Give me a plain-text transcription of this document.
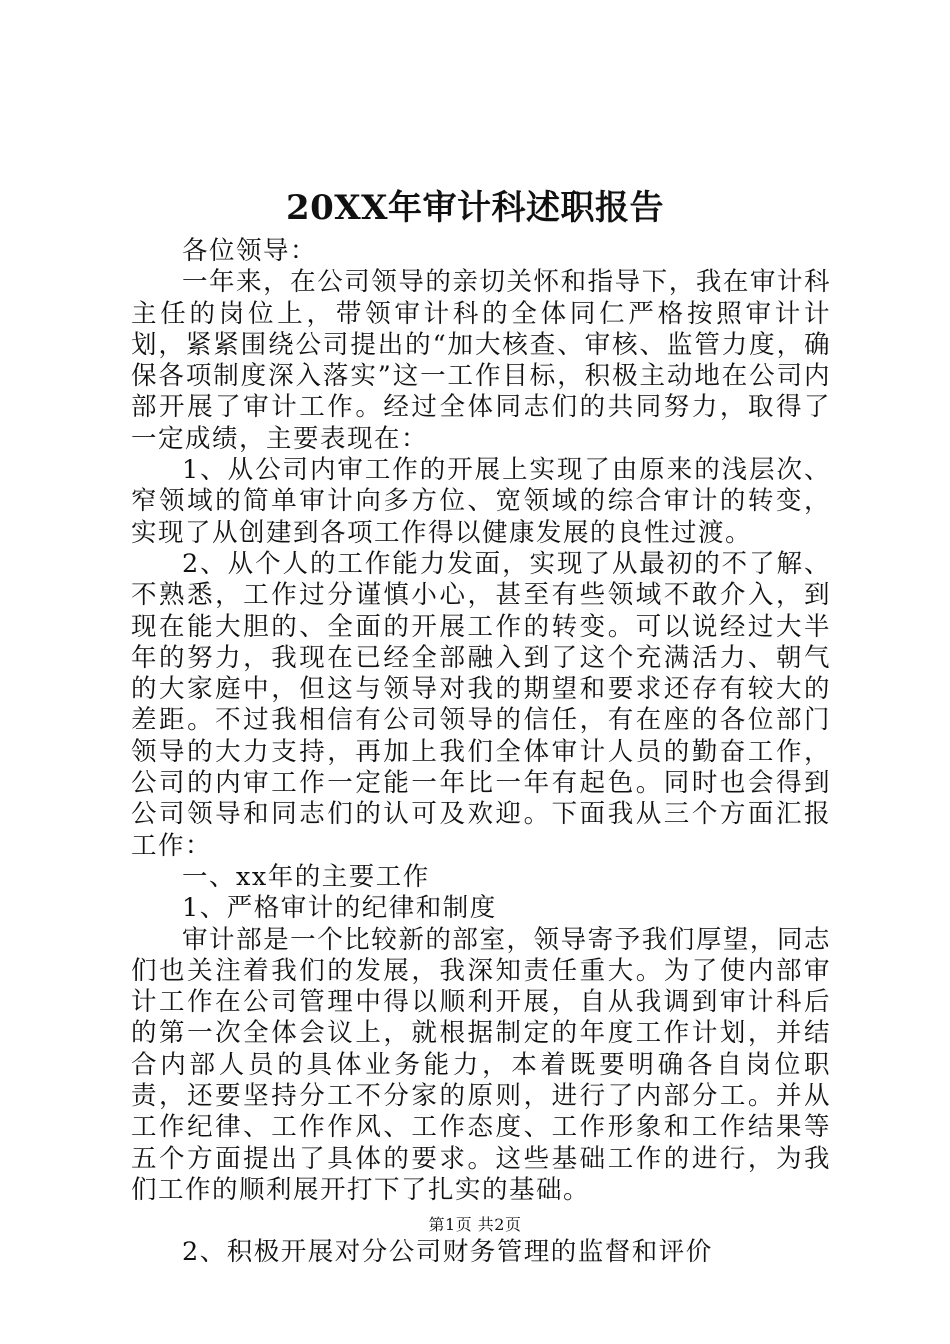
20XX年审计科述职报告

各位领导：

一年来，在公司领导的亲切关怀和指导下，我在审计科主任的岗位上，带领审计科的全体同仁严格按照审计计划，紧紧围绕公司提出的“加大核查、审核、监管力度，确保各项制度深入落实”这一工作目标，积极主动地在公司内部开展了审计工作。经过全体同志们的共同努力，取得了一定成绩，主要表现在：

1、从公司内审工作的开展上实现了由原来的浅层次、窄领域的简单审计向多方位、宽领域的综合审计的转变，实现了从创建到各项工作得以健康发展的良性过渡。

2、从个人的工作能力发面，实现了从最初的不了解、不熟悉，工作过分谨慎小心，甚至有些领域不敢介入，到现在能大胆的、全面的开展工作的转变。可以说经过大半年的努力，我现在已经全部融入到了这个充满活力、朝气的大家庭中，但这与领导对我的期望和要求还存有较大的差距。不过我相信有公司领导的信任，有在座的各位部门领导的大力支持，再加上我们全体审计人员的勤奋工作，公司的内审工作一定能一年比一年有起色。同时也会得到公司领导和同志们的认可及欢迎。下面我从三个方面汇报工作：

一、xx年的主要工作

1、严格审计的纪律和制度

审计部是一个比较新的部室，领导寄予我们厚望，同志们也关注着我们的发展，我深知责任重大。为了使内部审计工作在公司管理中得以顺利开展，自从我调到审计科后的第一次全体会议上，就根据制定的年度工作计划，并结合内部人员的具体业务能力，本着既要明确各自岗位职责，还要坚持分工不分家的原则，进行了内部分工。并从工作纪律、工作作风、工作态度、工作形象和工作结果等五个方面提出了具体的要求。这些基础工作的进行，为我们工作的顺利展开打下了扎实的基础。

2、积极开展对分公司财务管理的监督和评价

第1页 共2页
